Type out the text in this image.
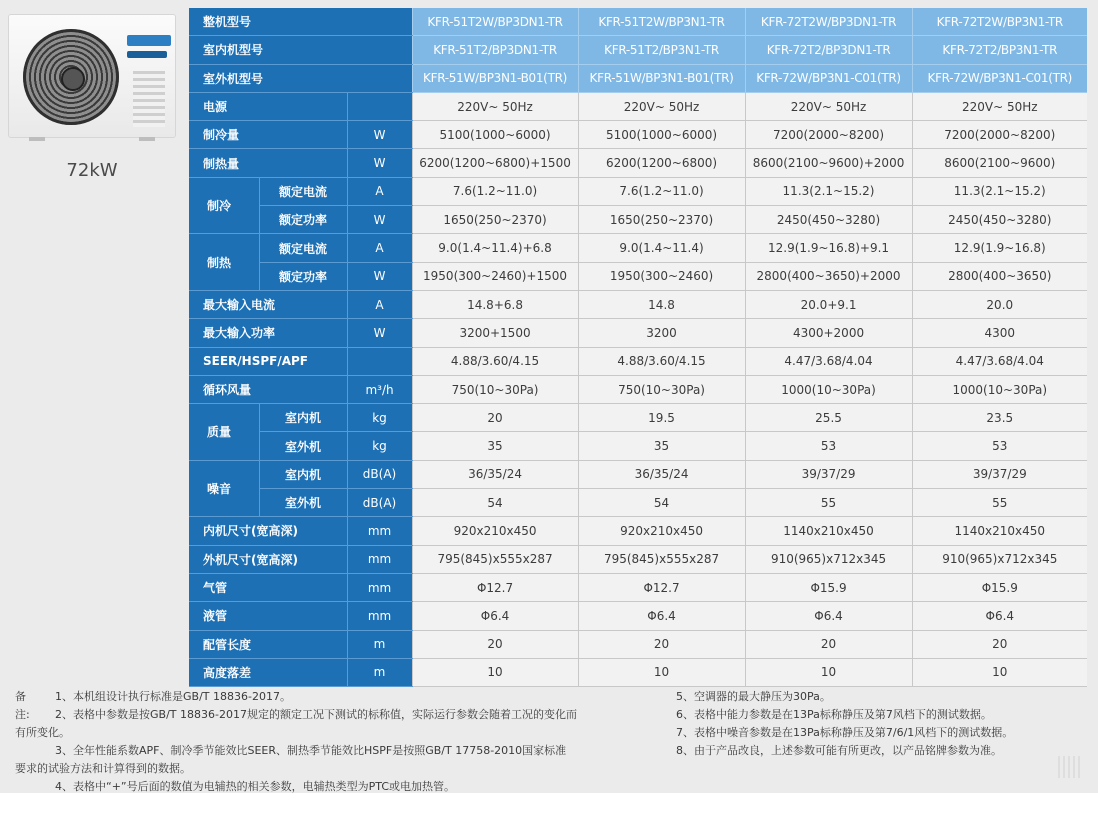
72kW
整机型号			KFR-51T2W/BP3DN1-TR	KFR-51T2W/BP3N1-TR	KFR-72T2W/BP3DN1-TR	KFR-72T2W/BP3N1-TR
室内机型号			KFR-51T2/BP3DN1-TR	KFR-51T2/BP3N1-TR	KFR-72T2/BP3DN1-TR	KFR-72T2/BP3N1-TR
室外机型号			KFR-51W/BP3N1-B01(TR)	KFR-51W/BP3N1-B01(TR)	KFR-72W/BP3N1-C01(TR)	KFR-72W/BP3N1-C01(TR)
电源			220V~ 50Hz	220V~ 50Hz	220V~ 50Hz	220V~ 50Hz
制冷量		W	5100(1000~6000)	5100(1000~6000)	7200(2000~8200)	7200(2000~8200)
制热量		W	6200(1200~6800)+1500	6200(1200~6800)	8600(2100~9600)+2000	8600(2100~9600)
制冷	额定电流	A	7.6(1.2~11.0)	7.6(1.2~11.0)	11.3(2.1~15.2)	11.3(2.1~15.2)
	额定功率	W	1650(250~2370)	1650(250~2370)	2450(450~3280)	2450(450~3280)
制热	额定电流	A	9.0(1.4~11.4)+6.8	9.0(1.4~11.4)	12.9(1.9~16.8)+9.1	12.9(1.9~16.8)
	额定功率	W	1950(300~2460)+1500	1950(300~2460)	2800(400~3650)+2000	2800(400~3650)
最大输入电流		A	14.8+6.8	14.8	20.0+9.1	20.0
最大输入功率		W	3200+1500	3200	4300+2000	4300
SEER/HSPF/APF			4.88/3.60/4.15	4.88/3.60/4.15	4.47/3.68/4.04	4.47/3.68/4.04
循环风量		m³/h	750(10~30Pa)	750(10~30Pa)	1000(10~30Pa)	1000(10~30Pa)
质量	室内机	kg	20	19.5	25.5	23.5
	室外机	kg	35	35	53	53
噪音	室内机	dB(A)	36/35/24	36/35/24	39/37/29	39/37/29
	室外机	dB(A)	54	54	55	55
内机尺寸(宽高深)		mm	920x210x450	920x210x450	1140x210x450	1140x210x450
外机尺寸(宽高深)		mm	795(845)x555x287	795(845)x555x287	910(965)x712x345	910(965)x712x345
气管		mm	Φ12.7	Φ12.7	Φ15.9	Φ15.9
液管		mm	Φ6.4	Φ6.4	Φ6.4	Φ6.4
配管长度		m	20	20	20	20
高度落差		m	10	10	10	10
备注:
1、本机组设计执行标准是GB/T 18836-2017。
2、表格中参数是按GB/T 18836-2017规定的额定工况下测试的标称值，实际运行参数会随着工况的变化而
有所变化。
3、全年性能系数APF、制冷季节能效比SEER、制热季节能效比HSPF是按照GB/T 17758-2010国家标准
要求的试验方法和计算得到的数据。
4、表格中“+”号后面的数值为电辅热的相关参数，电辅热类型为PTC或电加热管。
5、空调器的最大静压为30Pa。
6、表格中能力参数是在13Pa标称静压及第7风档下的测试数据。
7、表格中噪音参数是在13Pa标称静压及第7/6/1风档下的测试数据。
8、由于产品改良，上述参数可能有所更改，以产品铭牌参数为准。
